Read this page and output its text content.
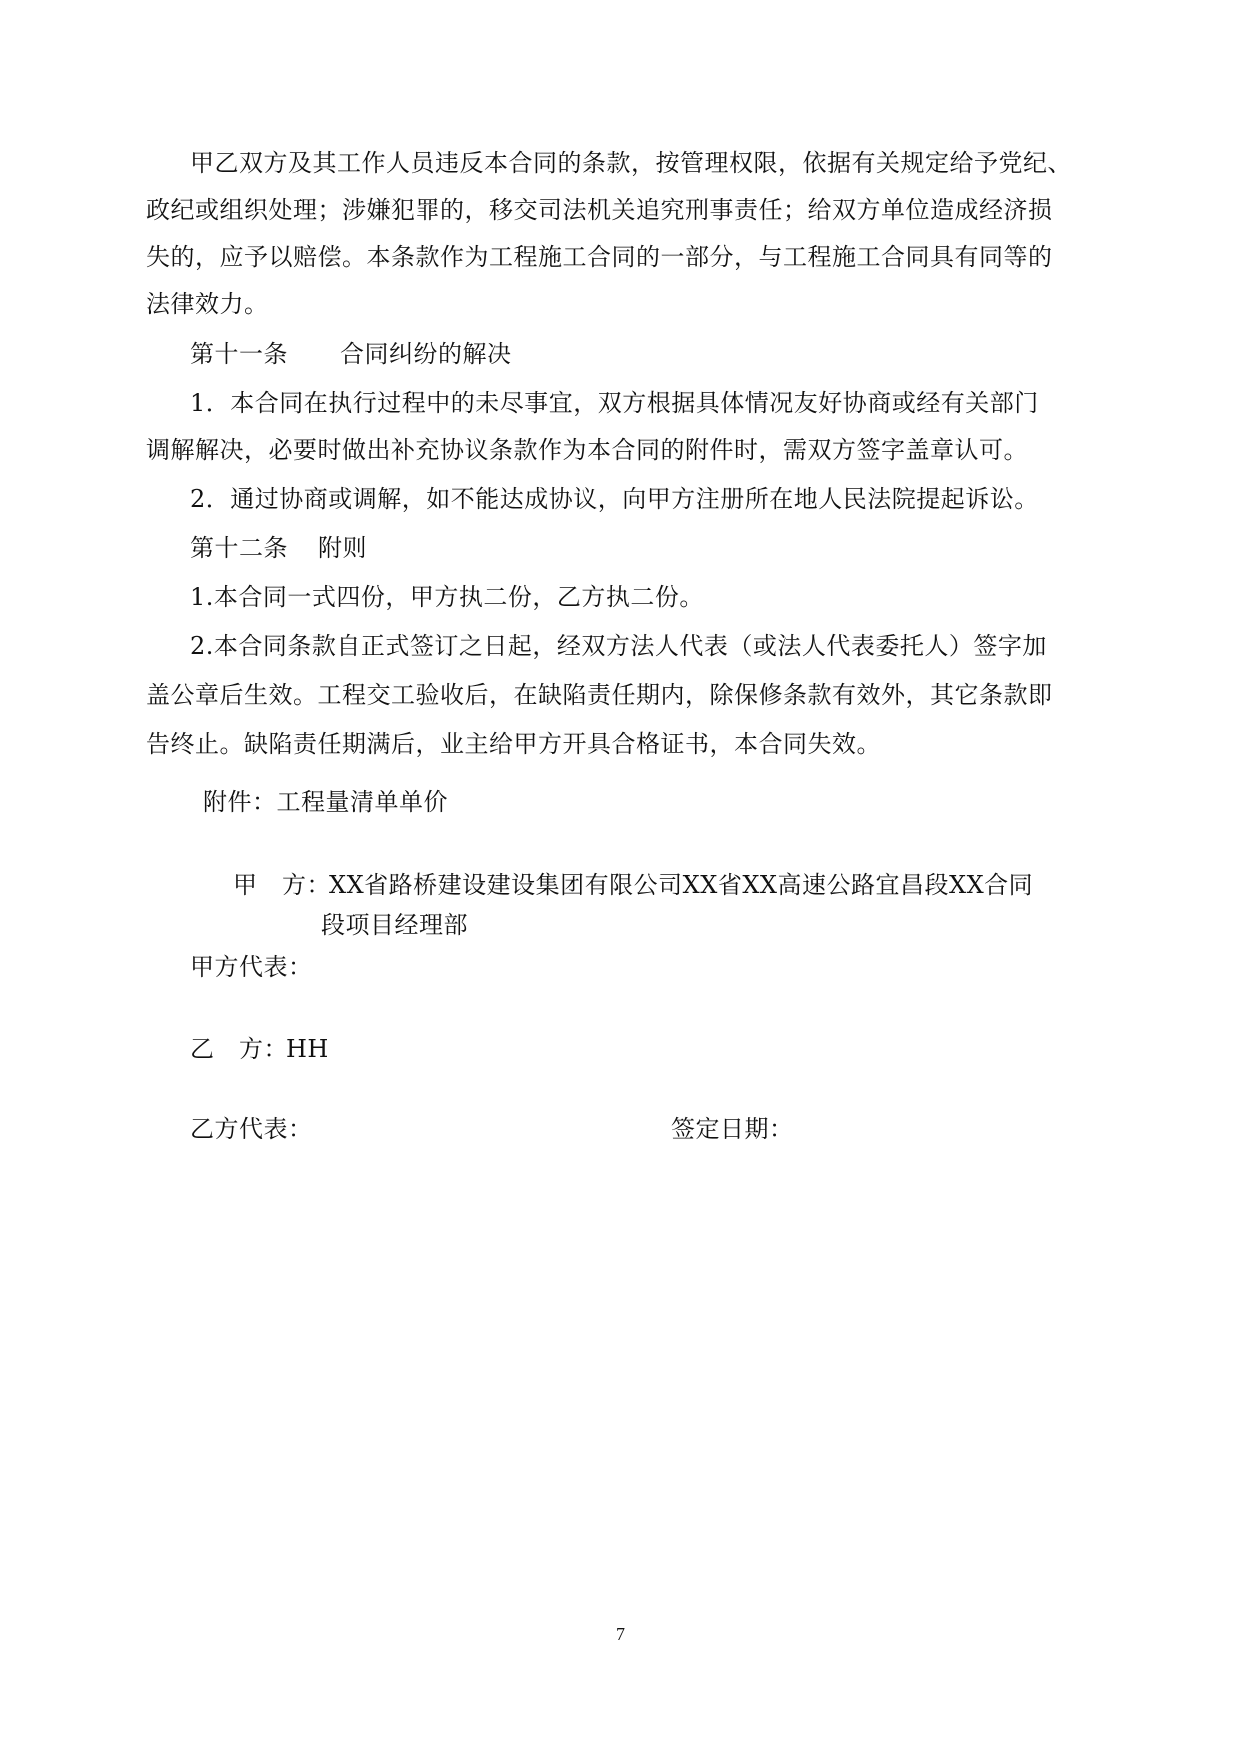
甲乙双方及其工作人员违反本合同的条款，按管理权限，依据有关规定给予党纪、
政纪或组织处理；涉嫌犯罪的，移交司法机关追究刑事责任；给双方单位造成经济损
失的，应予以赔偿。本条款作为工程施工合同的一部分，与工程施工合同具有同等的
法律效力。
第十一条 合同纠纷的解决
1．本合同在执行过程中的未尽事宜，双方根据具体情况友好协商或经有关部门
调解解决，必要时做出补充协议条款作为本合同的附件时，需双方签字盖章认可。
2．通过协商或调解，如不能达成协议，向甲方注册所在地人民法院提起诉讼。
第十二条 附则
1.本合同一式四份，甲方执二份，乙方执二份。
2.本合同条款自正式签订之日起，经双方法人代表（或法人代表委托人）签字加
盖公章后生效。工程交工验收后，在缺陷责任期内，除保修条款有效外，其它条款即
告终止。缺陷责任期满后，业主给甲方开具合格证书，本合同失效。
附件：工程量清单单价
甲　方：XX省路桥建设建设集团有限公司XX省XX高速公路宜昌段XX合同
段项目经理部
甲方代表：
乙　方：HH
乙方代表：	签定日期：
7
